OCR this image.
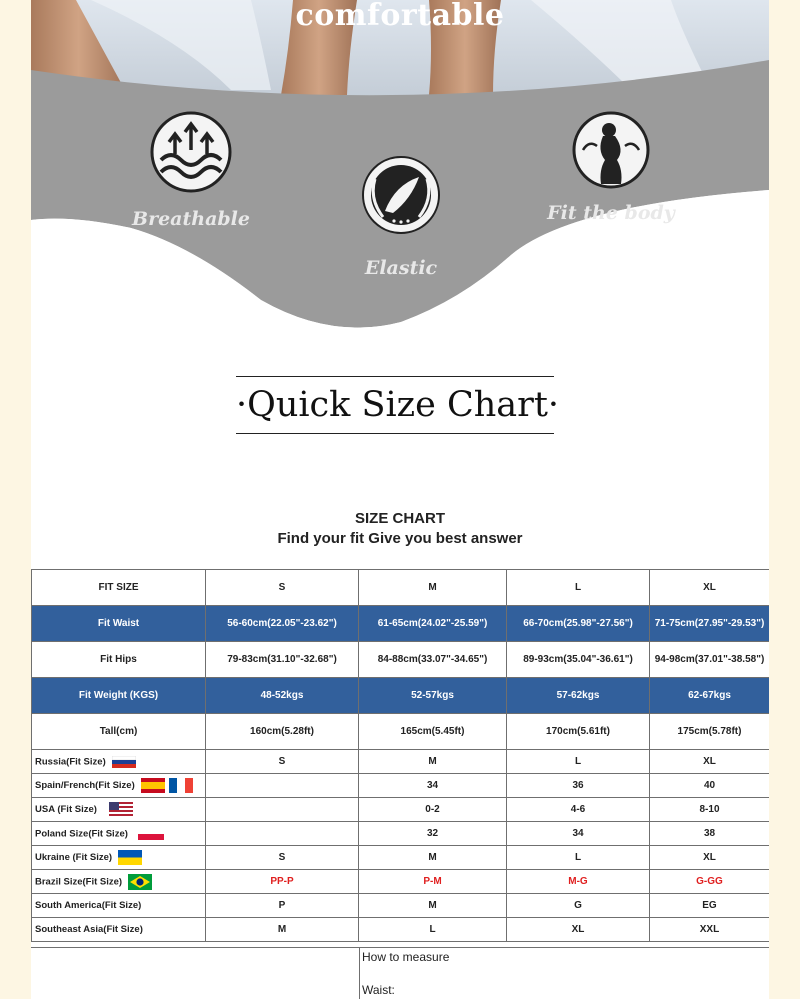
comfortable
Breathable
Elastic
Fit the body
·Quick Size Chart·
SIZE CHART
Find your fit Give you best answer
FIT SIZE	S	M	L	XL
Fit Waist	56-60cm(22.05"-23.62")	61-65cm(24.02"-25.59")	66-70cm(25.98"-27.56")	71-75cm(27.95"-29.53")
Fit Hips	79-83cm(31.10"-32.68")	84-88cm(33.07"-34.65")	89-93cm(35.04"-36.61")	94-98cm(37.01"-38.58")
Fit Weight (KGS)	48-52kgs	52-57kgs	57-62kgs	62-67kgs
Tall(cm)	160cm(5.28ft)	165cm(5.45ft)	170cm(5.61ft)	175cm(5.78ft)
Russia(Fit Size)	S	M	L	XL
Spain/French(Fit Size)		34	36	40
USA (Fit Size)		0-2	4-6	8-10
Poland Size(Fit Size)		32	34	38
Ukraine (Fit Size)	S	M	L	XL
Brazil Size(Fit Size)	PP-P	P-M	M-G	G-GG
South America(Fit Size)	P	M	G	EG
Southeast Asia(Fit Size)	M	L	XL	XXL
How to measure
Waist:
